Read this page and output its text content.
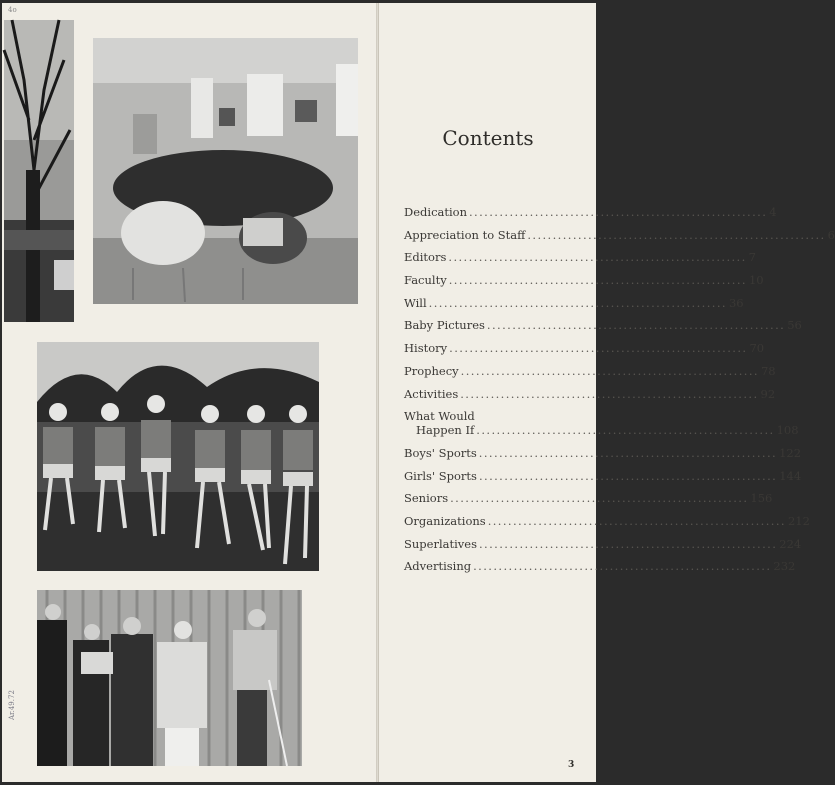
4o
Ar.49.72
Contents
Dedication ........................................................... 4
Appreciation to Staff ........................................................... 6
Editors ........................................................... 7
Faculty ........................................................... 10
Will ........................................................... 36
Baby Pictures ........................................................... 56
History ........................................................... 70
Prophecy ........................................................... 78
Activities ........................................................... 92
What Would
Happen If ........................................................... 108
Boys' Sports ........................................................... 122
Girls' Sports ........................................................... 144
Seniors ........................................................... 156
Organizations ........................................................... 212
Superlatives ........................................................... 224
Advertising ........................................................... 232
3
